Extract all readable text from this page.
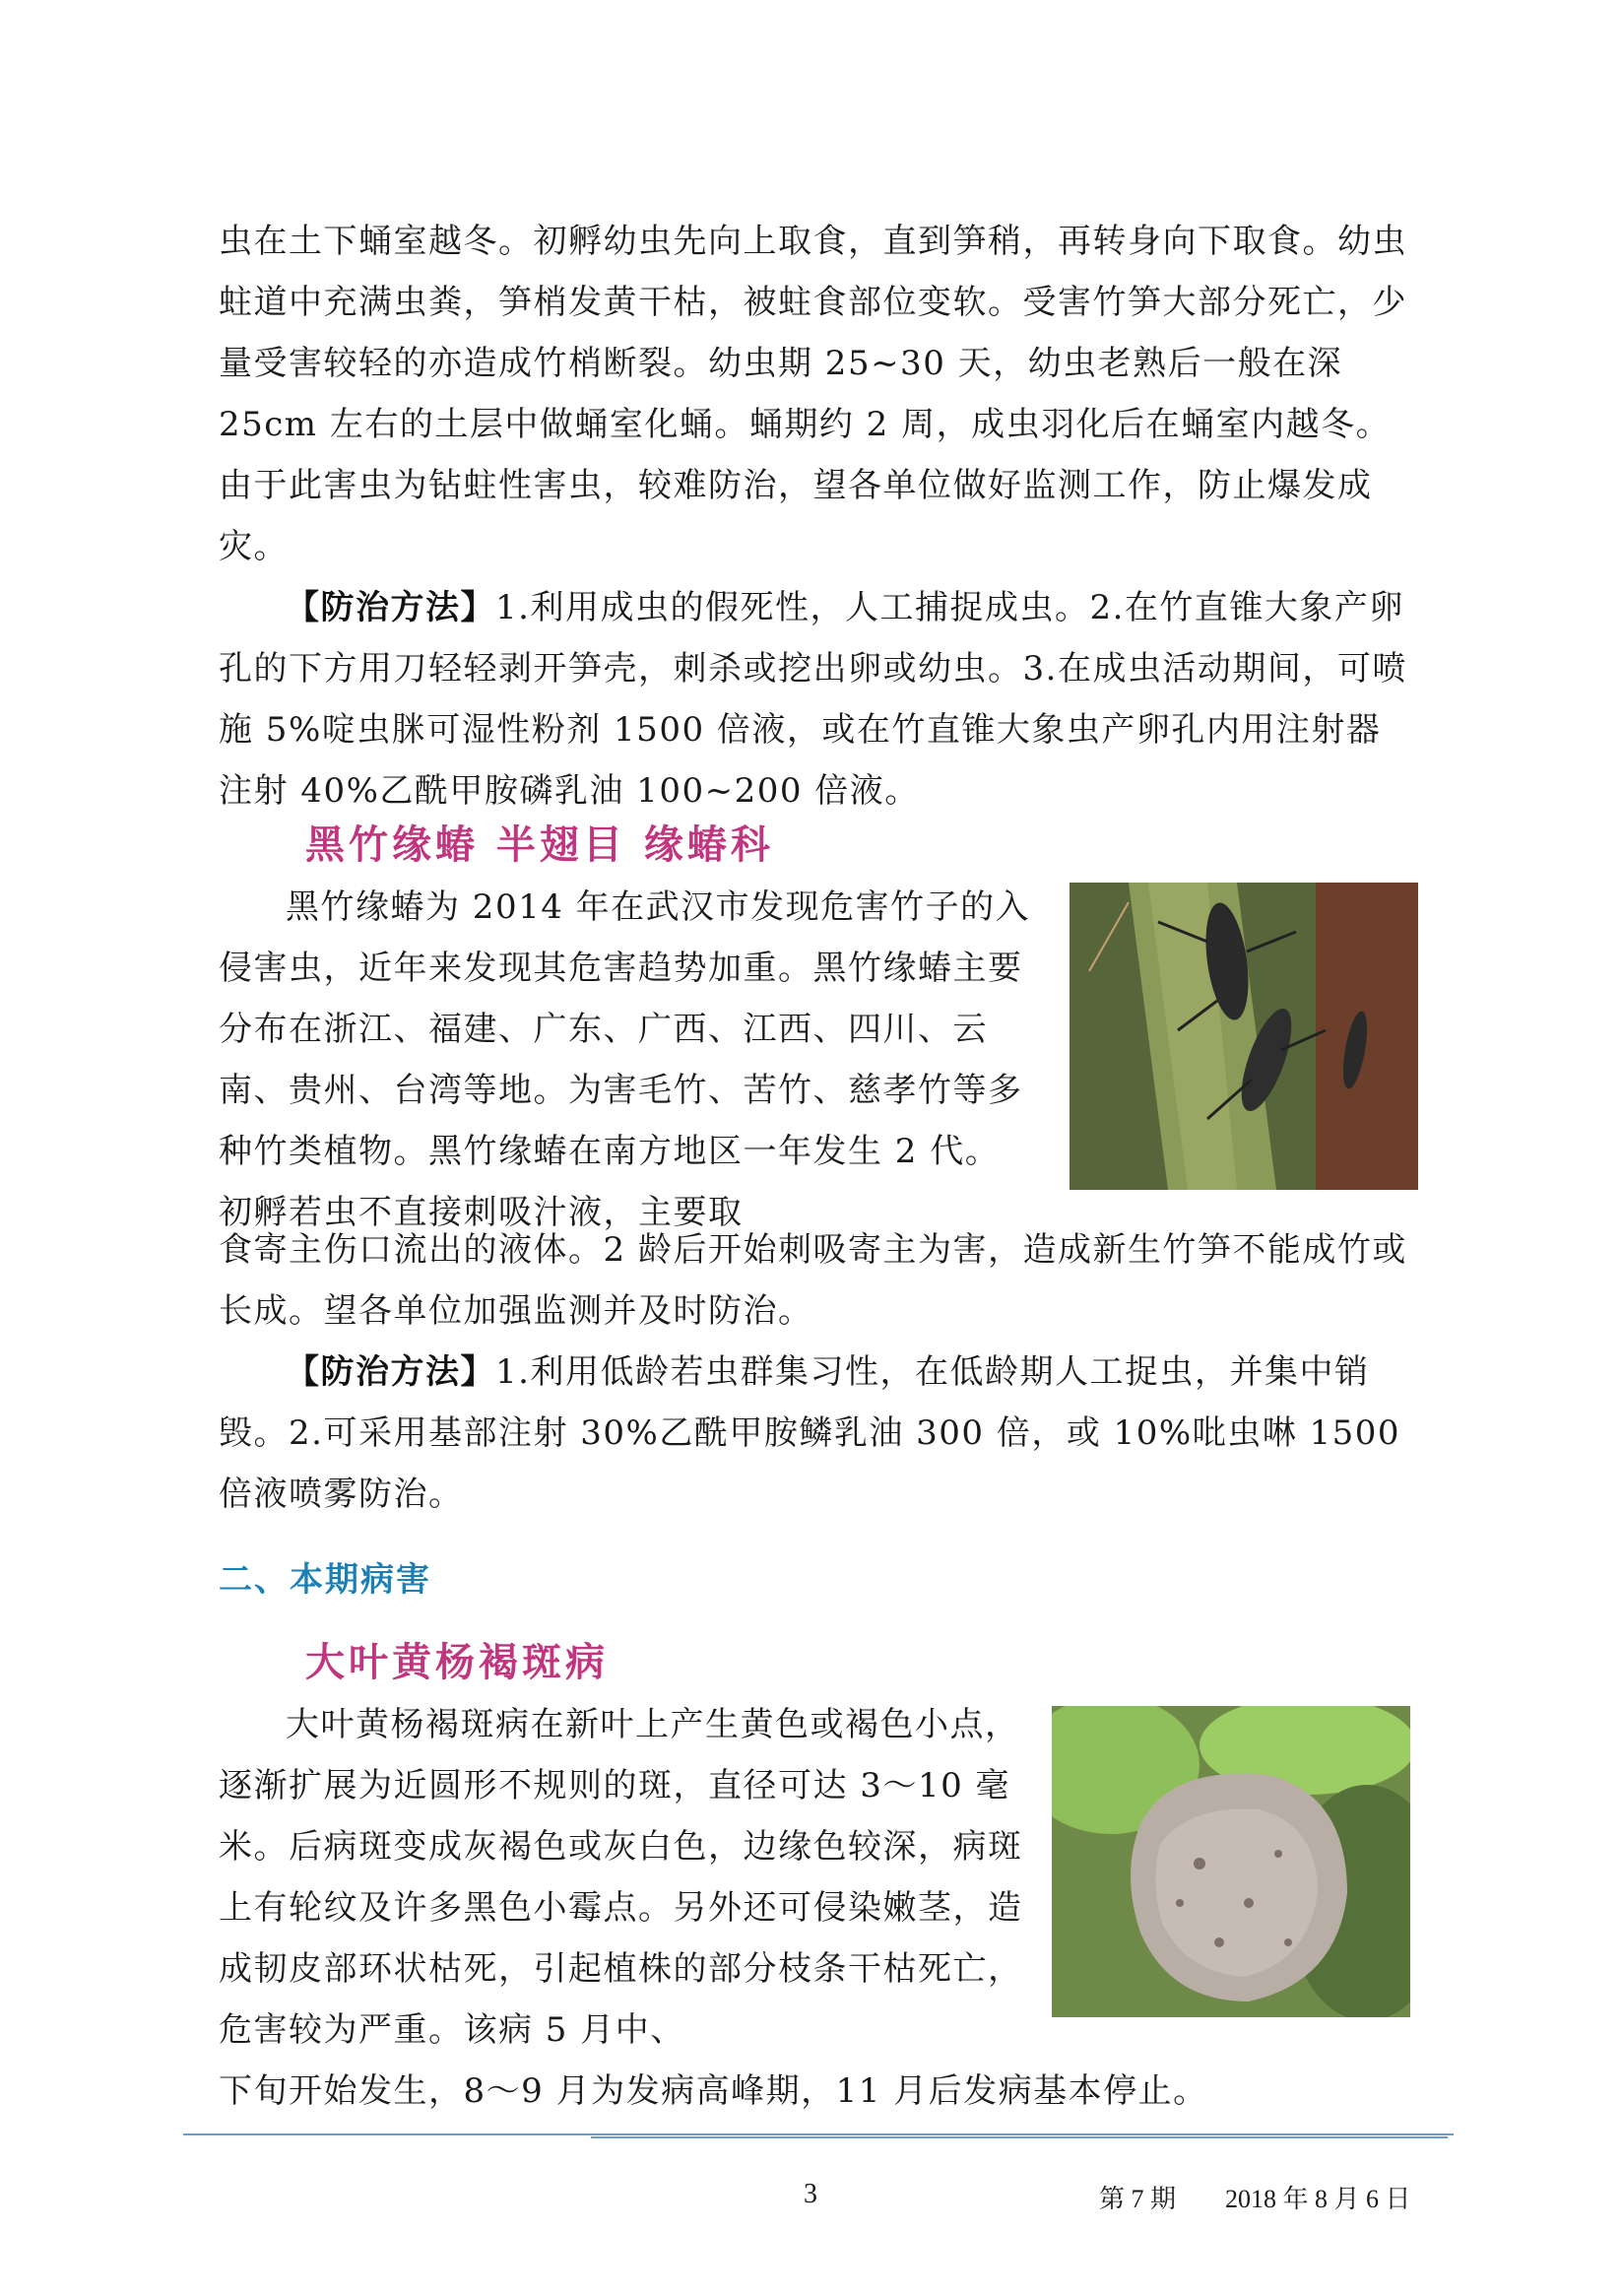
虫在土下蛹室越冬。初孵幼虫先向上取食，直到笋稍，再转身向下取食。幼虫蛀道中充满虫粪，笋梢发黄干枯，被蛀食部位变软。受害竹笋大部分死亡，少量受害较轻的亦造成竹梢断裂。幼虫期 25~30 天，幼虫老熟后一般在深 25cm 左右的土层中做蛹室化蛹。蛹期约 2 周，成虫羽化后在蛹室内越冬。由于此害虫为钻蛀性害虫，较难防治，望各单位做好监测工作，防止爆发成灾。

【防治方法】1.利用成虫的假死性，人工捕捉成虫。2.在竹直锥大象产卵孔的下方用刀轻轻剥开笋壳，刺杀或挖出卵或幼虫。3.在成虫活动期间，可喷施 5%啶虫脒可湿性粉剂 1500 倍液，或在竹直锥大象虫产卵孔内用注射器注射 40%乙酰甲胺磷乳油 100~200 倍液。

黑竹缘蝽 半翅目 缘蝽科

黑竹缘蝽为 2014 年在武汉市发现危害竹子的入侵害虫，近年来发现其危害趋势加重。黑竹缘蝽主要分布在浙江、福建、广东、广西、江西、四川、云南、贵州、台湾等地。为害毛竹、苦竹、慈孝竹等多种竹类植物。黑竹缘蝽在南方地区一年发生 2 代。初孵若虫不直接刺吸汁液，主要取

食寄主伤口流出的液体。2 龄后开始刺吸寄主为害，造成新生竹笋不能成竹或长成。望各单位加强监测并及时防治。

【防治方法】1.利用低龄若虫群集习性，在低龄期人工捉虫，并集中销毁。2.可采用基部注射 30%乙酰甲胺鳞乳油 300 倍，或 10%吡虫啉 1500 倍液喷雾防治。

二、本期病害
大叶黄杨褐斑病

大叶黄杨褐斑病在新叶上产生黄色或褐色小点，逐渐扩展为近圆形不规则的斑，直径可达 3～10 毫米。后病斑变成灰褐色或灰白色，边缘色较深，病斑上有轮纹及许多黑色小霉点。另外还可侵染嫩茎，造成韧皮部环状枯死，引起植株的部分枝条干枯死亡，危害较为严重。该病 5 月中、

下旬开始发生，8～9 月为发病高峰期，11 月后发病基本停止。

3	第 7 期 2018 年 8 月 6 日
